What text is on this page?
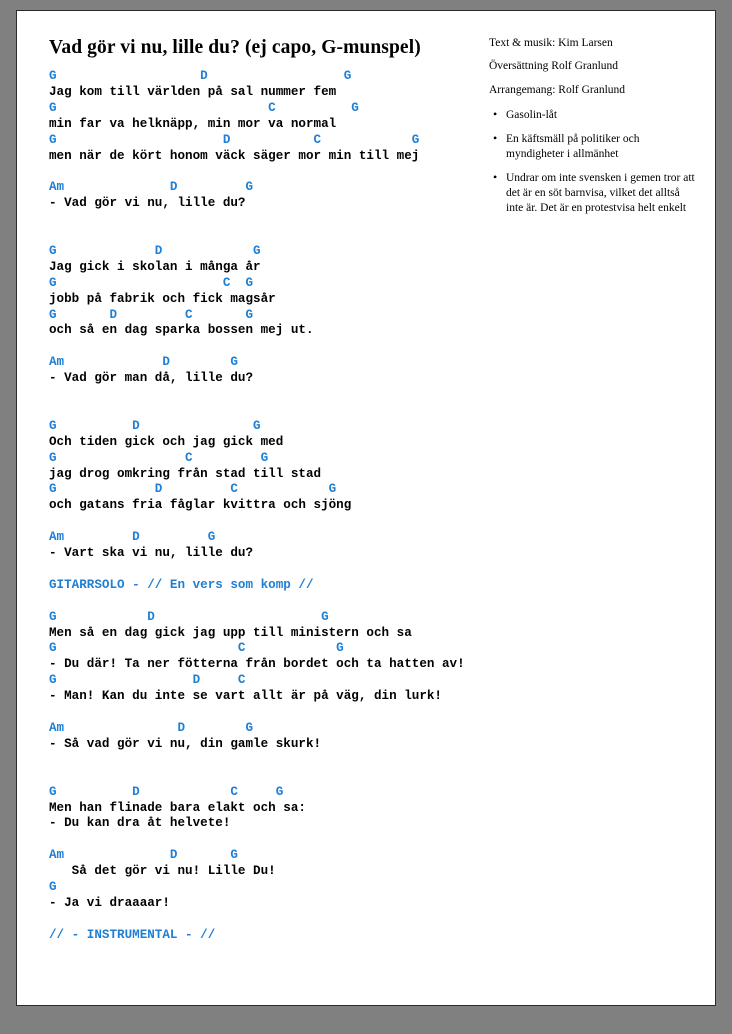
Text & musik: Kim Larsen
Översättning Rolf Granlund
Arrangemang: Rolf Granlund
• Gasolin-låt
• En käftsmäll på politiker och myndigheter i allmänhet
• Undrar om inte svensken i gemen tror att det är en söt barnvisa, vilket det alltså inte är. Det är en protestvisa helt enkelt
Vad gör vi nu, lille du? (ej capo, G-munspel)
G                   D                  G
Jag kom till världen på sal nummer fem
G                            C          G
min far va helknäpp, min mor va normal
G                      D           C            G
men när de kört honom väck säger mor min till mej

Am              D         G
- Vad gör vi nu, lille du?

G             D            G
Jag gick i skolan i många år
G                      C  G
jobb på fabrik och fick magsår
G       D         C       G
och så en dag sparka bossen mej ut.

Am             D        G
- Vad gör man då, lille du?

G          D               G
Och tiden gick och jag gick med
G                 C         G
jag drog omkring från stad till stad
G             D         C            G
och gatans fria fåglar kvittra och sjöng

Am         D         G
- Vart ska vi nu, lille du?

GITARRSOLO - // En vers som komp //

G            D                      G
Men så en dag gick jag upp till ministern och sa
G                        C            G
- Du där! Ta ner fötterna från bordet och ta hatten av!
G                  D     C
- Man! Kan du inte se vart allt är på väg, din lurk!

Am               D        G
- Så vad gör vi nu, din gamle skurk!

G          D            C     G
Men han flinade bara elakt och sa:
- Du kan dra åt helvete!

Am              D       G
Så det gör vi nu! Lille Du!
G
- Ja vi draaaar!

// - INSTRUMENTAL - //
